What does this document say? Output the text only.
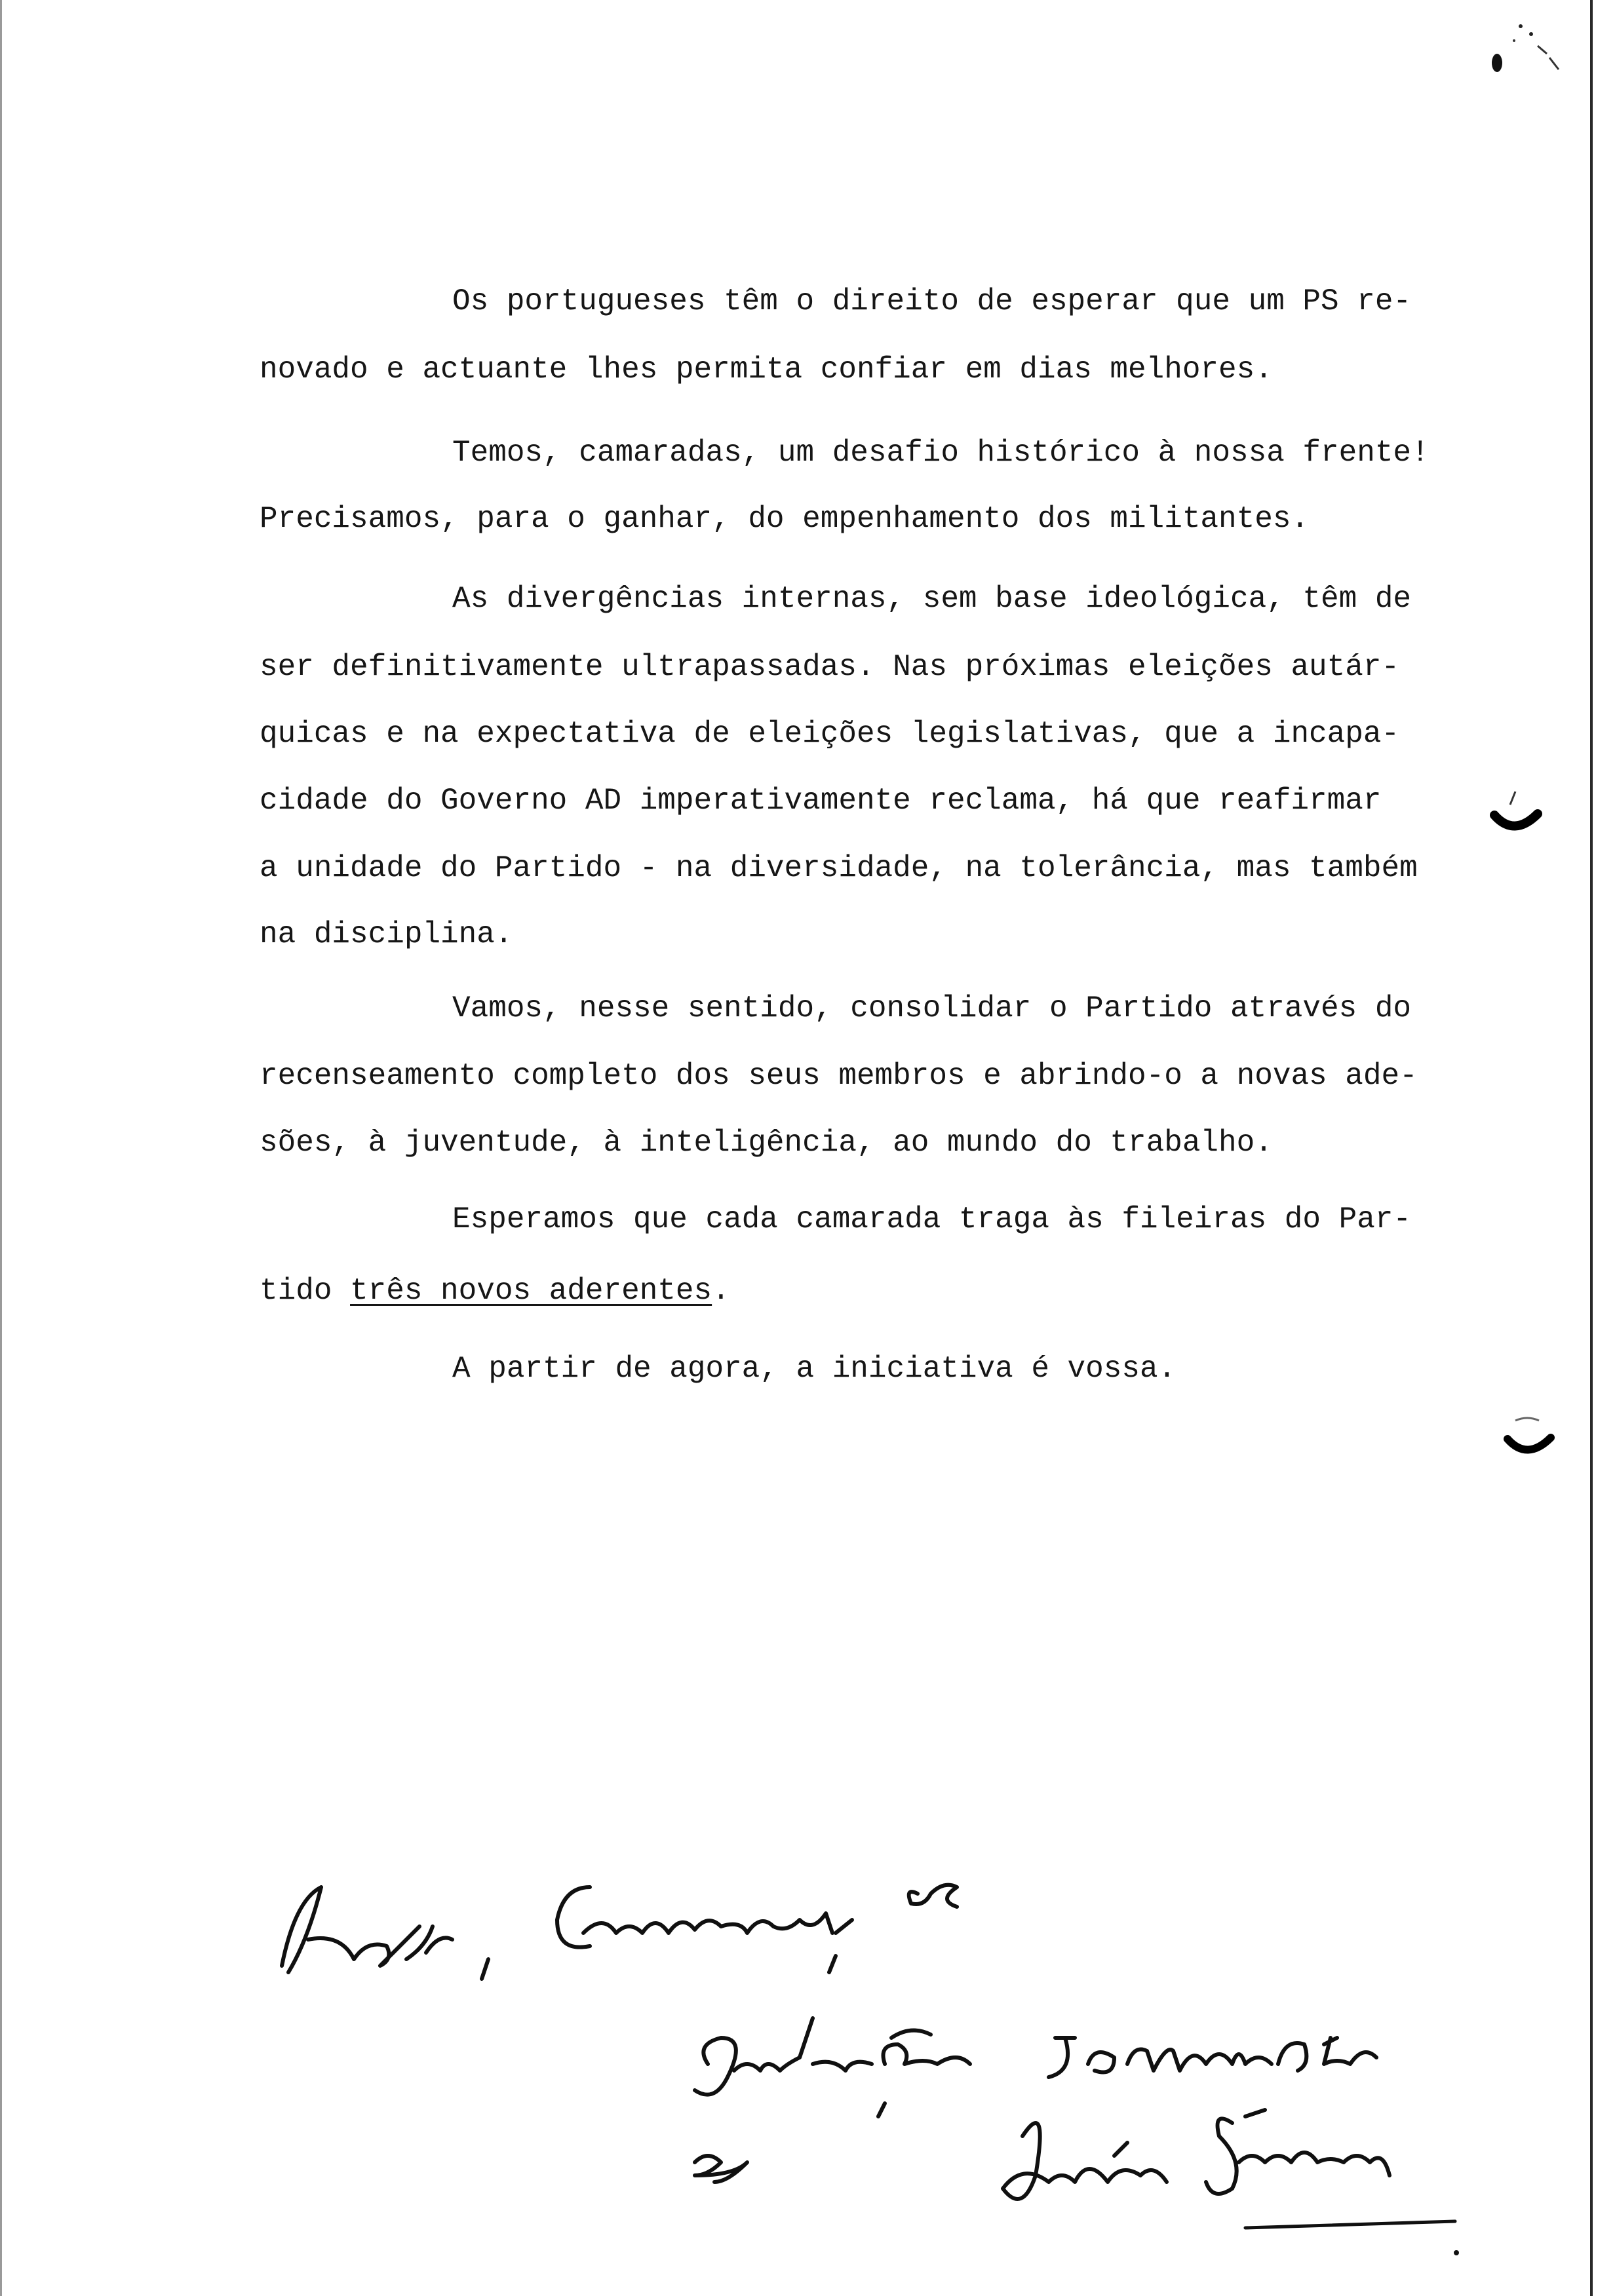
Os portugueses têm o direito de esperar que um PS re-

novado e actuante lhes permita confiar em dias melhores.

Temos, camaradas, um desafio histórico à nossa frente!

Precisamos, para o ganhar, do empenhamento dos militantes.

As divergências internas, sem base ideológica, têm de

ser definitivamente ultrapassadas. Nas próximas eleições autár-

quicas e na expectativa de eleições legislativas, que a incapa-

cidade do Governo AD imperativamente reclama, há que reafirmar

a unidade do Partido - na diversidade, na tolerância, mas também

na disciplina.

Vamos, nesse sentido, consolidar o Partido através do

recenseamento completo dos seus membros e abrindo-o a novas ade-

sões, à juventude, à inteligência, ao mundo do trabalho.

Esperamos que cada camarada traga às fileiras do Par-

tido três novos aderentes.

A partir de agora, a iniciativa é vossa.
